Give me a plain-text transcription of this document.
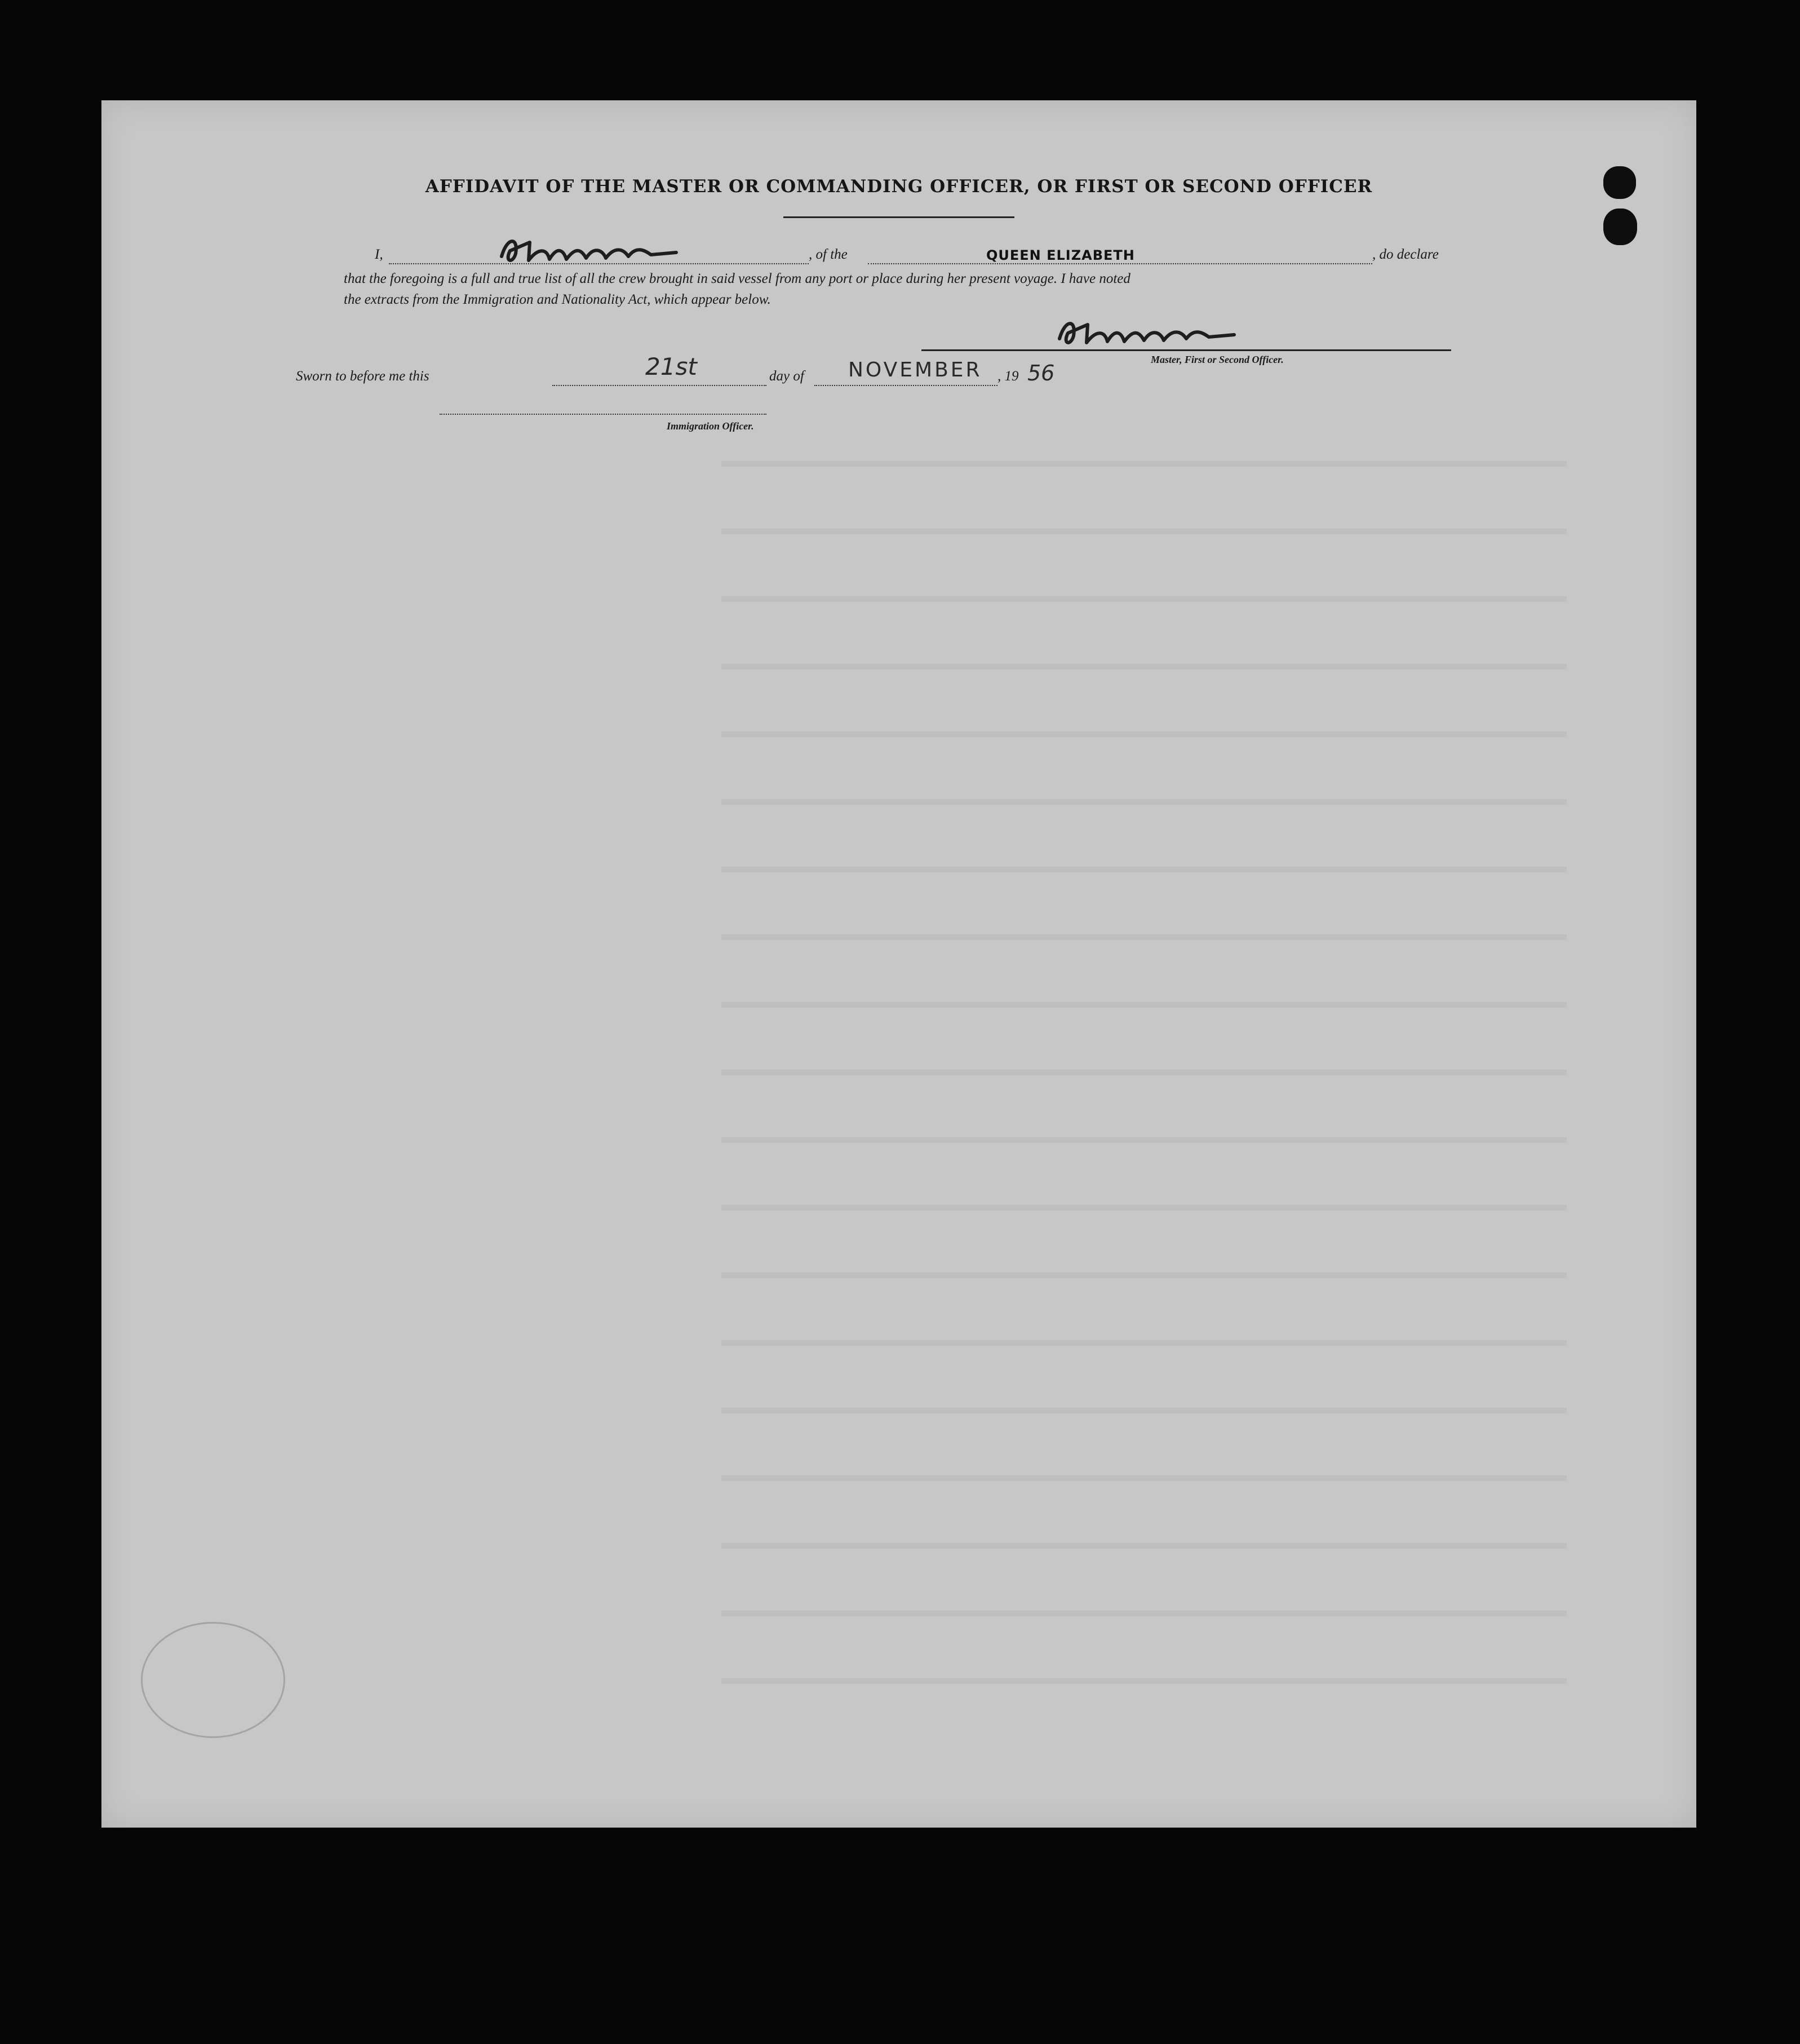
AFFIDAVIT OF THE MASTER OR COMMANDING OFFICER, OR FIRST OR SECOND OFFICER
I,	, of the	QUEEN ELIZABETH	, do declare
that the foregoing is a full and true list of all the crew brought in said vessel from any port or place during her present voyage. I have noted
the extracts from the Immigration and Nationality Act, which appear below.
Master, First or Second Officer.
Sworn to before me this	21st	day of NOVEMBER , 19 56
Immigration Officer.
